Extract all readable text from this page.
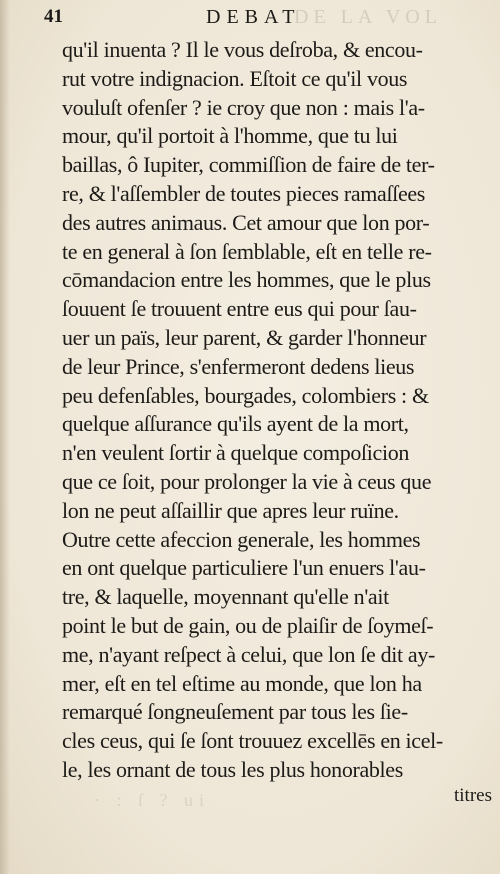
41	DEBAT
DE LA VOL
qu'il inuenta ? Il le vous deſroba, & encou-
rut votre indignacion. Eſtoit ce qu'il vous
vouluſt ofenſer ? ie croy que non : mais l'a-
mour, qu'il portoit à l'homme, que tu lui
baillas, ô Iupiter, commiſſion de faire de ter-
re, & l'aſſembler de toutes pieces ramaſſees
des autres animaus. Cet amour que lon por-
te en general à ſon ſemblable, eſt en telle re-
cōmandacion entre les hommes, que le plus
ſouuent ſe trouuent entre eus qui pour ſau-
uer un païs, leur parent, & garder l'honneur
de leur Prince, s'enfermeront dedens lieus
peu defenſables, bourgades, colombiers : &
quelque aſſurance qu'ils ayent de la mort,
n'en veulent ſortir à quelque compoſicion
que ce ſoit, pour prolonger la vie à ceus que
lon ne peut aſſaillir que apres leur ruïne.
Outre cette afeccion generale, les hommes
en ont quelque particuliere l'un enuers l'au-
tre, & laquelle, moyennant qu'elle n'ait
point le but de gain, ou de plaiſir de ſoymeſ-
me, n'ayant reſpect à celui, que lon ſe dit ay-
mer, eſt en tel eſtime au monde, que lon ha
remarqué ſongneuſement par tous les ſie-
cles ceus, qui ſe ſont trouuez excellēs en icel-
le, les ornant de tous les plus honorables
· : ſ ? ui	titres
